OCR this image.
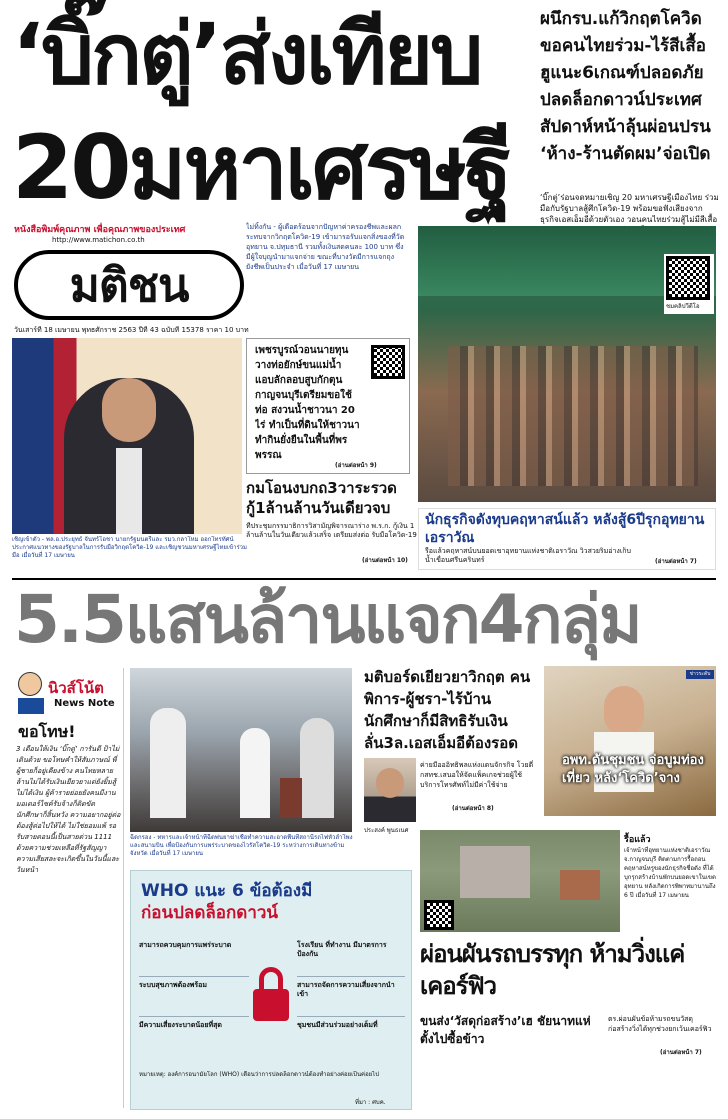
‘บิ๊กตู่’ส่งเทียบ
20มหาเศรษฐี
ผนึกรบ.แก้วิกฤตโควิด ขอคนไทยร่วม-ไร้สีเสื้อ ฮูแนะ6เกณฑ์ปลอดภัย ปลดล็อกดาวน์ประเทศ สัปดาห์หน้าลุ้นผ่อนปรน ‘ห้าง-ร้านตัดผม’จ่อเปิด
‘บิ๊กตู่’ร่อนจดหมายเชิญ 20 มหาเศรษฐีเมืองไทย ร่วมมือกับรัฐบาลสู้ศึกโควิด-19 พร้อมขอฟังเสียงจากธุรกิจเอสเอ็มอีด้วยตัวเอง วอนคนไทยร่วมสู้ไม่มีสีเสื้อ
หนังสือพิมพ์คุณภาพ เพื่อคุณภาพของประเทศ
http://www.matichon.co.th
มติชน
วันเสาร์ที่ 18 เมษายน พุทธศักราช 2563 ปีที่ 43 ฉบับที่ 15378 ราคา 10 บาท
ไม่ทิ้งกัน - ผู้เดือดร้อนจากปัญหาค่าครองชีพและผลกระทบจากวิกฤตโควิด-19 เข้ามารอรับแจกสิ่งของที่วัดอุทยาน จ.ปทุมธานี รวมทั้งเงินสดคนละ 100 บาท ซึ่งมีผู้ใจบุญนำมาแจกจ่าย ขณะที่บางวัดมีการแจกถุงยังชีพเป็นประจำ เมื่อวันที่ 17 เมษายน
ชมคลิปวีดีโอ
เชิญเข้าตัว - พล.อ.ประยุทธ์ จันทร์โอชา นายกรัฐมนตรีและ รมว.กลาโหม ออกโทรทัศน์ประกาศแนวทางของรัฐบาลในการรับมือวิกฤตโควิด-19 และเชิญชวนมหาเศรษฐีไทยเข้าร่วมมือ เมื่อวันที่ 17 เมษายน
เพชรบูรณ์วอนนายทุนวางท่อยักษ์ขนแม่น้ำ แอบลักลอบสูบกักตุน กาญจนบุรีเตรียมขอใช้ท่อ สงวนน้ำชาวนา 20 ไร่ ทำเป็นที่ดินให้ชาวนาทำกินยั่งยืนในพื้นที่พรพรรณ
(อ่านต่อหน้า 9)
กมโอนงบกถ3วาระรวด กู้1ล้านล้านวันเดียวจบ
ที่ประชุมกรรมาธิการวิสามัญพิจารณาร่าง พ.ร.ก. กู้เงิน 1 ล้านล้านในวันเดียวแล้วเสร็จ เตรียมส่งต่อ รับมือโควิด-19
(อ่านต่อหน้า 10)
นักธุรกิจดังทุบคฤหาสน์แล้ว หลังสู้6ปีรุกอุทยานเอราวัณ
รื้อแล้วคฤหาสน์บนยอดเขาอุทยานแห่งชาติเอราวัณ วิวสวยริมอ่างเก็บน้ำเขื่อนศรีนครินทร์	(อ่านต่อหน้า 7)
5.5แสนล้านแจก4กลุ่ม
นิวส์โน้ต
News Note
ขอโทษ!
3 เดือนให้เงิน ‘บิ๊กตู่’ การันตี ป้าไม่เดินด้วย ขอโทษคำให้สัมภาษณ์ พี่ผู้ชายก็อยู่เคียงข้าง คนไทยหลายล้านไม่ได้รับเงินเยียวยาแต่ยังยิ้มสู้ ไม่ได้เงิน ผู้ค้ารายย่อยยังคนมีงาน มอเตอร์ไซค์รับจ้างก็ติดขัด นักศึกษาก็สิ้นหวัง ความอยากอยู่ต่อต้องสู้ต่อไปให้ได้ ไม่ใช่ยอมแพ้ รอรับสายตอนนี้เป็นสายด่วน 1111 ด้วยความช่วยเหลือที่รัฐสัญญา ความเสียสละจะเกิดขึ้นในวันนี้และวันหน้า
ฉีดกรอง - ทหารและเจ้าหน้าที่ฉีดพ่นยาฆ่าเชื้อทำความสะอาดพื้นที่สถานีรถไฟหัวลำโพงและสนามบิน เพื่อป้องกันการแพร่ระบาดของไวรัสโควิด-19 ระหว่างการเดินทางข้ามจังหวัด เมื่อวันที่ 17 เมษายน
มติบอร์ดเยียวยาวิกฤต คนพิการ-ผู้ชรา-ไร้บ้าน นักศึกษาก็มีสิทธิรับเงิน ลั่น3ล.เอสเอ็มอีต้องรอด
ค่ายมีอออิทธิพลแห่งแดนจักรกิจ โวยตี่ กสทช.เสนอให้จัดแพ็คเกจช่วยผู้ใช้บริการโทรศัพท์ไม่มีค่าใช้จ่าย
(อ่านต่อหน้า 8)
ประสงค์ พูนธเนศ
ข่าวระดับ
อพท.ดันชุมชน จ่อบูมท่องเที่ยว หลัง‘โควิด’จาง
WHO แนะ 6 ข้อต้องมี
ก่อนปลดล็อกดาวน์
สามารถควบคุมการแพร่ระบาด
ระบบสุขภาพต้องพร้อม
มีความเสี่ยงระบาดน้อยที่สุด
โรงเรียน ที่ทำงาน มีมาตรการป้องกัน
สามารถจัดการความเสี่ยงจากนำเข้า
ชุมชนมีส่วนร่วมอย่างเต็มที่
หมายเหตุ: องค์การอนามัยโลก (WHO) เตือนว่าการปลดล็อกดาวน์ต้องทำอย่างค่อยเป็นค่อยไป
ที่มา : ศบค.
รื้อแล้ว
เจ้าหน้าที่อุทยานแห่งชาติเอราวัณ จ.กาญจนบุรี ติดตามการรื้อถอนคฤหาสน์หรูของนักธุรกิจชื่อดัง ที่ได้บุกรุกสร้างบ้านพักบนยอดเขาในเขตอุทยาน หลังเกิดการพิพาทมานานถึง 6 ปี เมื่อวันที่ 17 เมษายน
ผ่อนผันรถบรรทุก ห้ามวิ่งแค่เคอร์ฟิว
ขนส่ง‘วัสดุก่อสร้าง’เฮ ชัยนาทแห่ตั้งไปซื้อข้าว
ตร.ผ่อนผันข้อห้ามรถขนวัสดุก่อสร้างวิ่งได้ทุกช่วงยกเว้นเคอร์ฟิว
(อ่านต่อหน้า 7)
